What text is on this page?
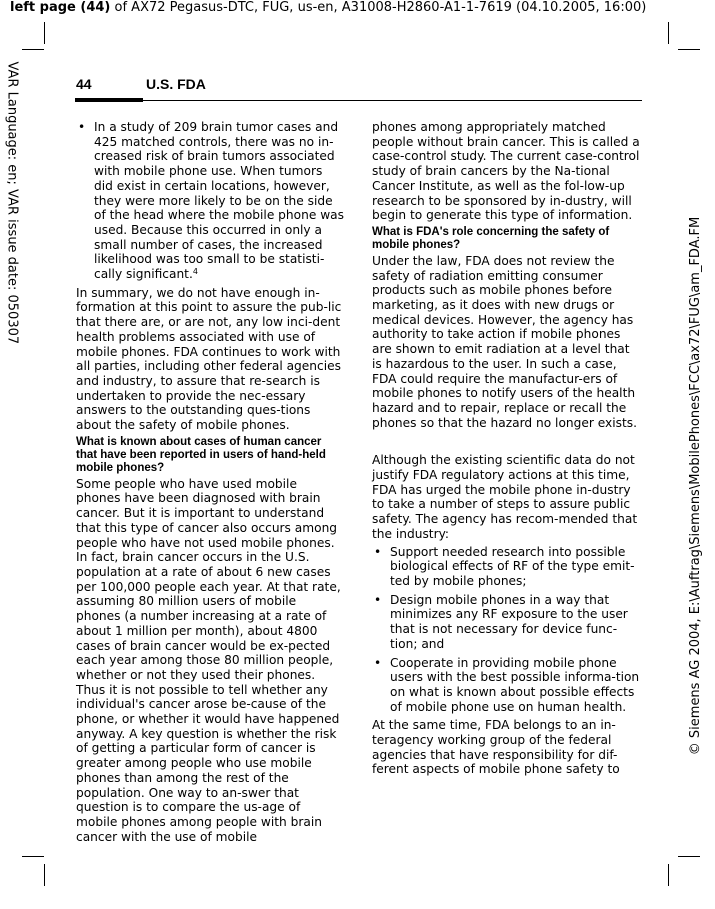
left page (44) of AX72 Pegasus-DTC, FUG, us-en, A31008-H2860-A1-1-7619 (04.10.2005, 16:00)
VAR Language: en; VAR issue date: 050307
© Siemens AG 2004, E:\Auftrag\Siemens\MobilePhones\FCC\ax72\FUG\am_FDA.FM
44	U.S. FDA
• In a study of 209 brain tumor cases and 425 matched controls, there was no in-creased risk of brain tumors associated with mobile phone use. When tumors did exist in certain locations, however, they were more likely to be on the side of the head where the mobile phone was used. Because this occurred in only a small number of cases, the increased likelihood was too small to be statisti-cally significant.$^4$

In summary, we do not have enough in-formation at this point to assure the pub-lic that there are, or are not, any low inci-dent health problems associated with use of mobile phones. FDA continues to work with all parties, including other federal agencies and industry, to assure that re-search is undertaken to provide the nec-essary answers to the outstanding ques-tions about the safety of mobile phones.

What is known about cases of human cancer that have been reported in users of hand-held mobile phones?

Some people who have used mobile phones have been diagnosed with brain cancer. But it is important to understand that this type of cancer also occurs among people who have not used mobile phones. In fact, brain cancer occurs in the U.S. population at a rate of about 6 new cases per 100,000 people each year. At that rate, assuming 80 million users of mobile phones (a number increasing at a rate of about 1 million per month), about 4800 cases of brain cancer would be ex-pected each year among those 80 million people, whether or not they used their phones. Thus it is not possible to tell whether any individual's cancer arose be-cause of the phone, or whether it would have happened anyway. A key question is whether the risk of getting a particular form of cancer is greater among people who use mobile phones than among the rest of the population. One way to an-swer that question is to compare the us-age of mobile phones among people with brain cancer with the use of mobile

phones among appropriately matched people without brain cancer. This is called a case-control study. The current case-control study of brain cancers by the Na-tional Cancer Institute, as well as the fol-low-up research to be sponsored by in-dustry, will begin to generate this type of information.

What is FDA's role concerning the safety of mobile phones?

Under the law, FDA does not review the safety of radiation emitting consumer products such as mobile phones before marketing, as it does with new drugs or medical devices. However, the agency has authority to take action if mobile phones are shown to emit radiation at a level that is hazardous to the user. In such a case, FDA could require the manufactur-ers of mobile phones to notify users of the health hazard and to repair, replace or recall the phones so that the hazard no longer exists.

Although the existing scientific data do not justify FDA regulatory actions at this time, FDA has urged the mobile phone in-dustry to take a number of steps to assure public safety. The agency has recom-mended that the industry:

• Support needed research into possible biological effects of RF of the type emit-ted by mobile phones;
• Design mobile phones in a way that minimizes any RF exposure to the user that is not necessary for device func-tion; and
• Cooperate in providing mobile phone users with the best possible informa-tion on what is known about possible effects of mobile phone use on human health.

At the same time, FDA belongs to an in-teragency working group of the federal agencies that have responsibility for dif-ferent aspects of mobile phone safety to
